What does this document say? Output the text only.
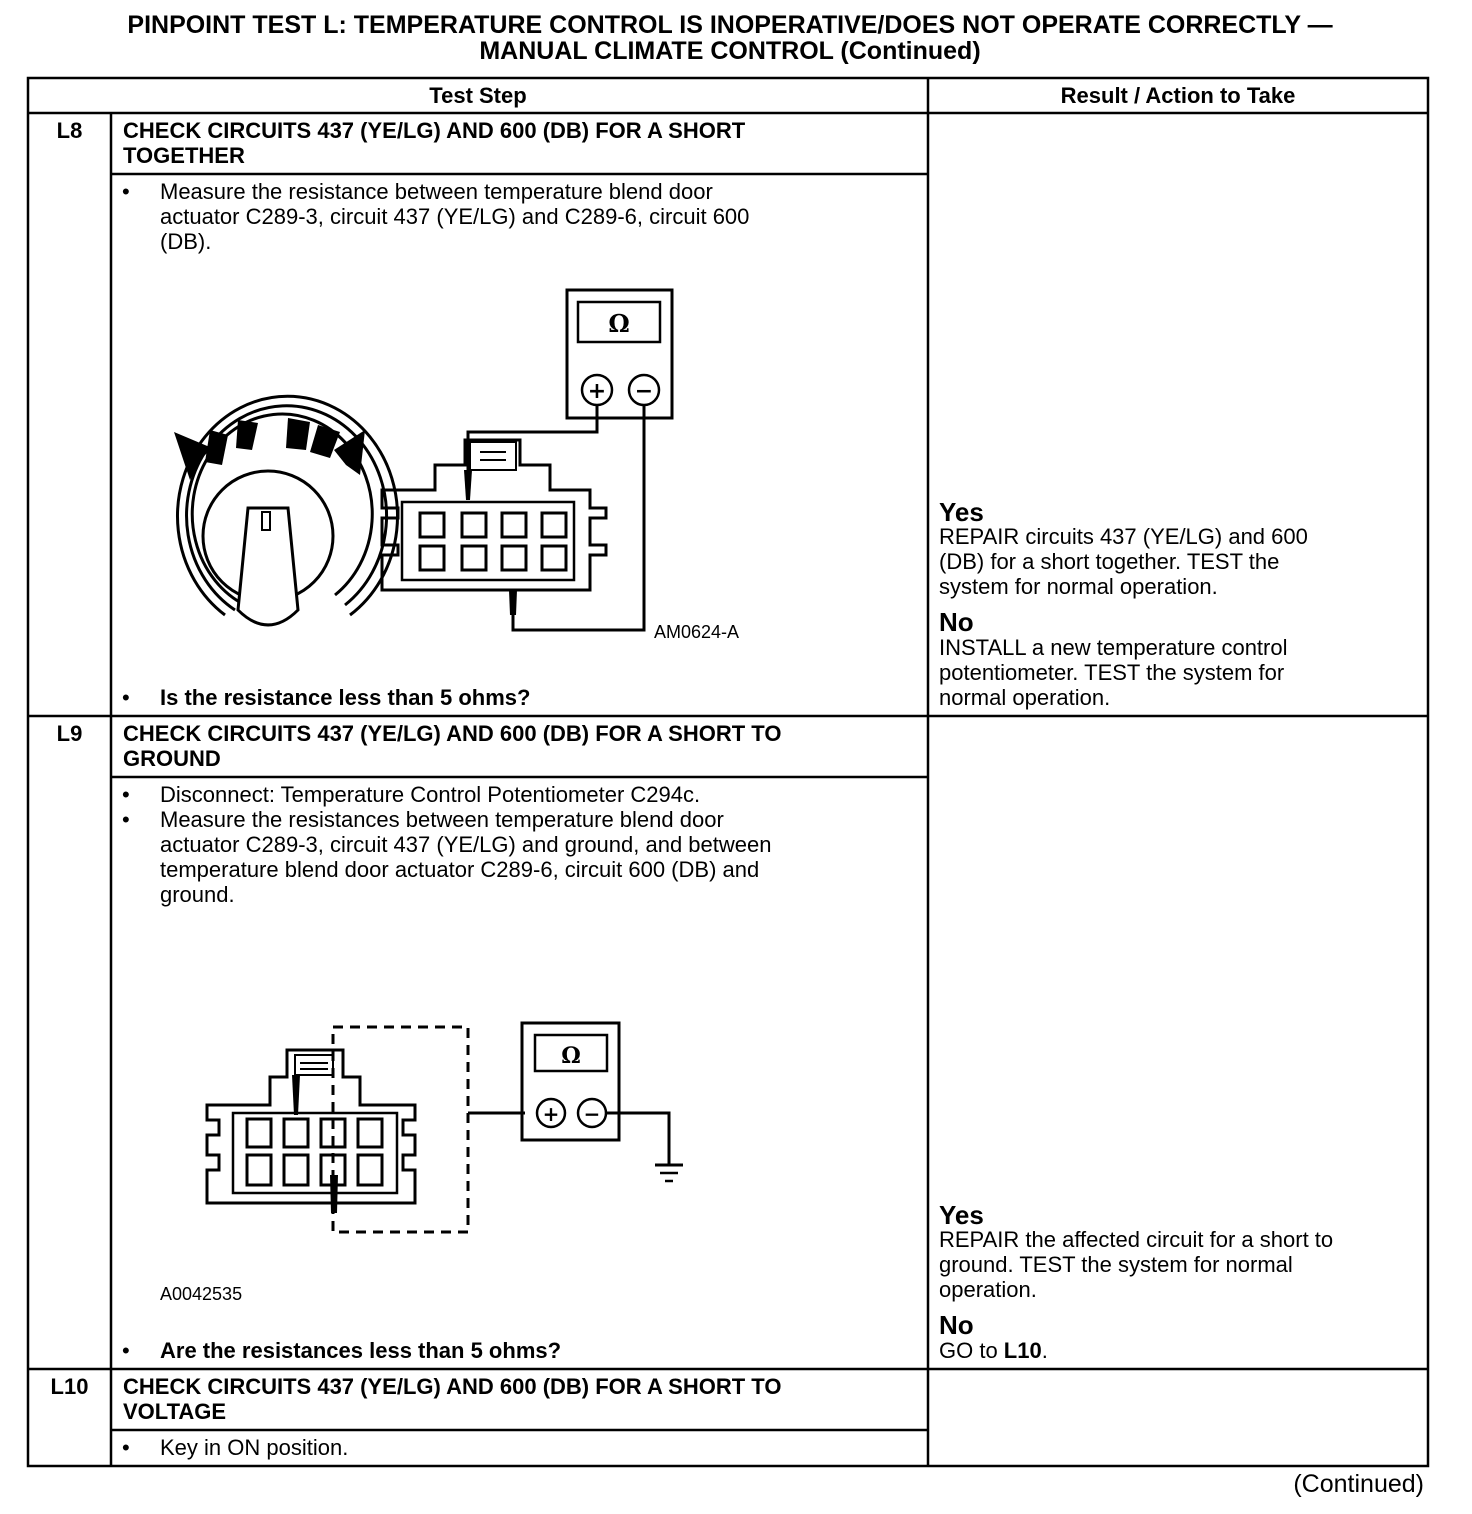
PINPOINT TEST L: TEMPERATURE CONTROL IS INOPERATIVE/DOES NOT OPERATE CORRECTLY —
MANUAL CLIMATE CONTROL (Continued)
Test Step	Result / Action to Take
L8	CHECK CIRCUITS 437 (YE/LG) AND 600 (DB) FOR A SHORT
TOGETHER
• Measure the resistance between temperature blend door
actuator C289-3, circuit 437 (YE/LG) and C289-6, circuit 600
(DB).
Ω
+ −
AM0624-A
• Is the resistance less than 5 ohms?
Yes
REPAIR circuits 437 (YE/LG) and 600
(DB) for a short together. TEST the
system for normal operation.
No
INSTALL a new temperature control
potentiometer. TEST the system for
normal operation.
L9	CHECK CIRCUITS 437 (YE/LG) AND 600 (DB) FOR A SHORT TO
GROUND
• Disconnect: Temperature Control Potentiometer C294c.
• Measure the resistances between temperature blend door
actuator C289-3, circuit 437 (YE/LG) and ground, and between
temperature blend door actuator C289-6, circuit 600 (DB) and
ground.
Ω
+ −
A0042535
• Are the resistances less than 5 ohms?
Yes
REPAIR the affected circuit for a short to
ground. TEST the system for normal
operation.
No
GO to L10.
L10	CHECK CIRCUITS 437 (YE/LG) AND 600 (DB) FOR A SHORT TO
VOLTAGE
• Key in ON position.
(Continued)
